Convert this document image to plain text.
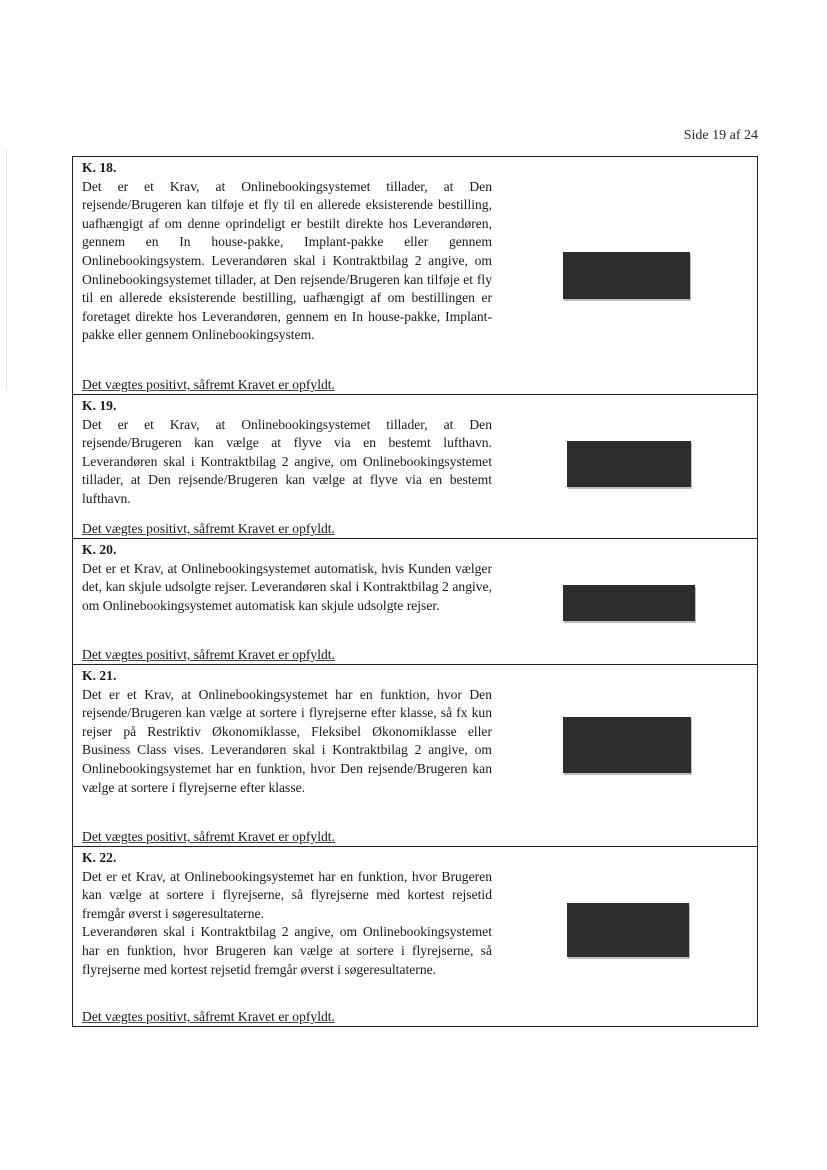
Side 19 af 24
K. 18.

Det er et Krav, at Onlinebookingsystemet tillader, at Den rejsende/Brugeren kan tilføje et fly til en allerede eksisterende bestilling, uafhængigt af om denne oprindeligt er bestilt direkte hos Leverandøren, gennem en In house-pakke, Implant-pakke eller gennem Onlinebookingsystem. Leverandøren skal i Kontraktbilag 2 angive, om Onlinebookingsystemet tillader, at Den rejsende/Brugeren kan tilføje et fly til en allerede eksisterende bestilling, uafhængigt af om bestillingen er foretaget direkte hos Leverandøren, gennem en In house-pakke, Implant-pakke eller gennem Onlinebookingsystem.

Det vægtes positivt, såfremt Kravet er opfyldt.
K. 19.

Det er et Krav, at Onlinebookingsystemet tillader, at Den rejsende/Brugeren kan vælge at flyve via en bestemt lufthavn. Leverandøren skal i Kontraktbilag 2 angive, om Onlinebookingsystemet tillader, at Den rejsende/Brugeren kan vælge at flyve via en bestemt lufthavn.

Det vægtes positivt, såfremt Kravet er opfyldt.
K. 20.

Det er et Krav, at Onlinebookingsystemet automatisk, hvis Kunden vælger det, kan skjule udsolgte rejser. Leverandøren skal i Kontraktbilag 2 angive, om Onlinebookingsystemet automatisk kan skjule udsolgte rejser.

Det vægtes positivt, såfremt Kravet er opfyldt.
K. 21.

Det er et Krav, at Onlinebookingsystemet har en funktion, hvor Den rejsende/Brugeren kan vælge at sortere i flyrejserne efter klasse, så fx kun rejser på Restriktiv Økonomiklasse, Fleksibel Økonomiklasse eller Business Class vises. Leverandøren skal i Kontraktbilag 2 angive, om Onlinebookingsystemet har en funktion, hvor Den rejsende/Brugeren kan vælge at sortere i flyrejserne efter klasse.

Det vægtes positivt, såfremt Kravet er opfyldt.
K. 22.

Det er et Krav, at Onlinebookingsystemet har en funktion, hvor Brugeren kan vælge at sortere i flyrejserne, så flyrejserne med kortest rejsetid fremgår øverst i søgeresultaterne.

Leverandøren skal i Kontraktbilag 2 angive, om Onlinebookingsystemet har en funktion, hvor Brugeren kan vælge at sortere i flyrejserne, så flyrejserne med kortest rejsetid fremgår øverst i søgeresultaterne.

Det vægtes positivt, såfremt Kravet er opfyldt.
